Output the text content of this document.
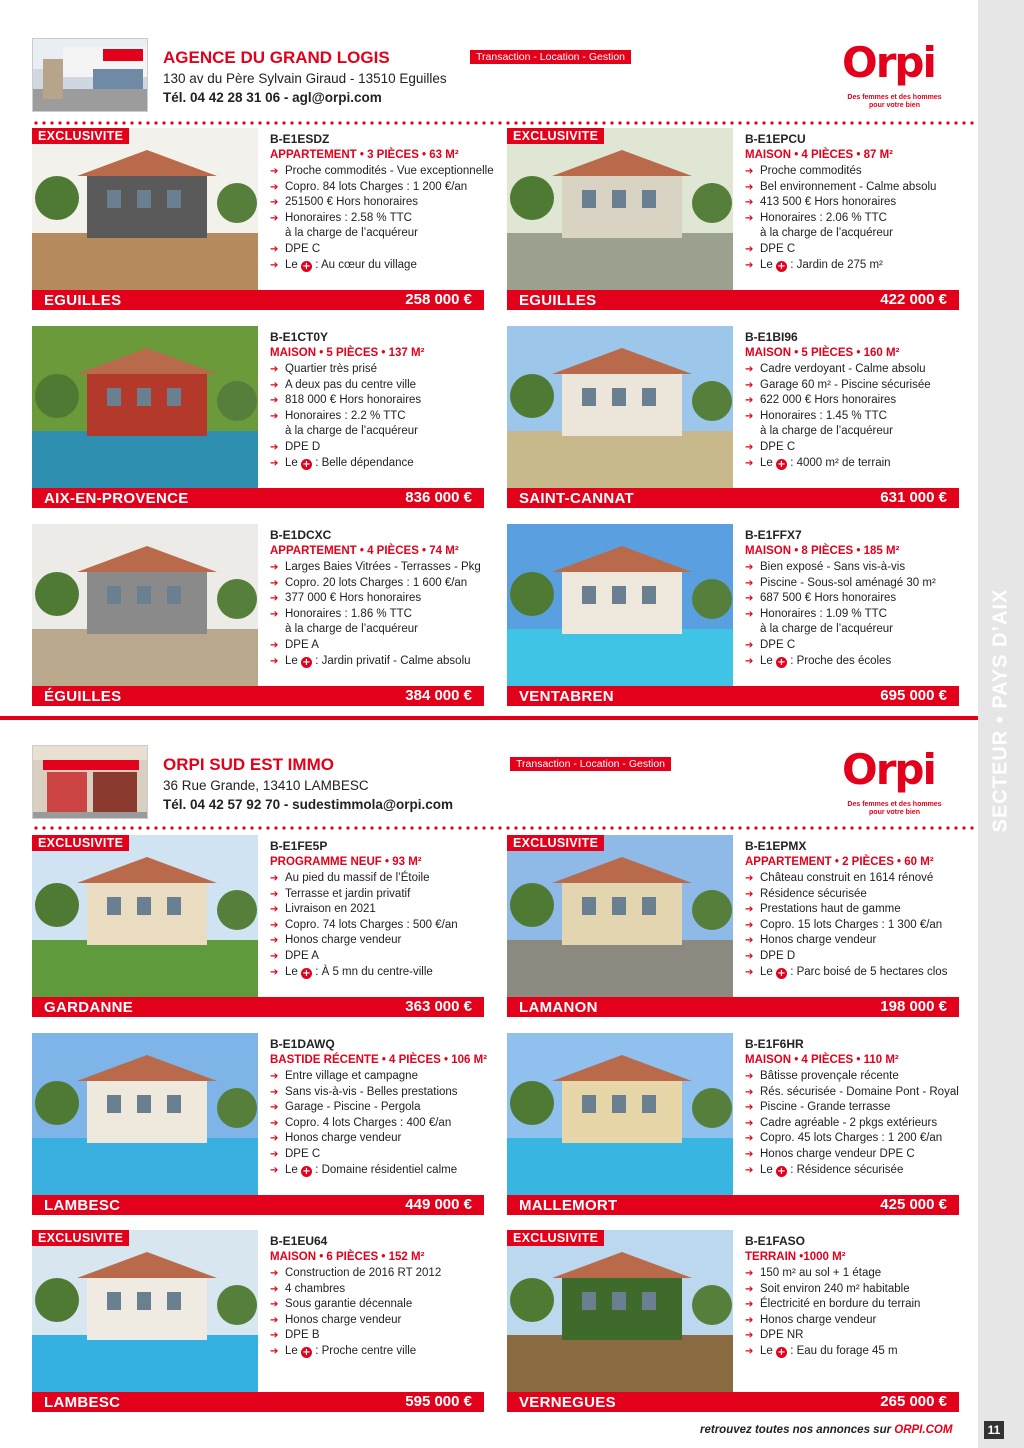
SECTEUR • PAYS D’AIX
AGENCE DU GRAND LOGIS
130 av du Père Sylvain Giraud - 13510 Eguilles
Tél. 04 42 28 31 06 - agl@orpi.com
Transaction - Location - Gestion	Orpi
Des femmes et des hommes
pour votre bien
ORPI SUD EST IMMO
36 Rue Grande, 13410 LAMBESC
Tél. 04 42 57 92 70 - sudestimmola@orpi.com
Transaction - Location - Gestion	Orpi
Des femmes et des hommes
pour votre bien
EXCLUSIVITE	B-E1ESDZ
APPARTEMENT • 3 PIÈCES • 63 M²
➔ Proche commodités - Vue exceptionnelle
➔ Copro. 84 lots Charges : 1 200 €/an
➔ 251500 € Hors honoraires
➔ Honoraires : 2.58 % TTC
à la charge de l’acquéreur
➔ DPE C
➔ Le + : Au cœur du village
EGUILLES	258 000 €
EXCLUSIVITE	B-E1EPCU
MAISON • 4 PIÈCES • 87 M²
➔ Proche commodités
➔ Bel environnement - Calme absolu
➔ 413 500 € Hors honoraires
➔ Honoraires : 2.06 % TTC
à la charge de l’acquéreur
➔ DPE C
➔ Le + : Jardin de 275 m²
EGUILLES	422 000 €
B-E1CT0Y
MAISON • 5 PIÈCES • 137 M²
➔ Quartier très prisé
➔ A deux pas du centre ville
➔ 818 000 € Hors honoraires
➔ Honoraires : 2.2 % TTC
à la charge de l’acquéreur
➔ DPE D
➔ Le + : Belle dépendance
AIX-EN-PROVENCE	836 000 €
B-E1BI96
MAISON • 5 PIÈCES • 160 M²
➔ Cadre verdoyant - Calme absolu
➔ Garage 60 m² - Piscine sécurisée
➔ 622 000 € Hors honoraires
➔ Honoraires : 1.45 % TTC
à la charge de l’acquéreur
➔ DPE C
➔ Le + : 4000 m² de terrain
SAINT-CANNAT	631 000 €
B-E1DCXC
APPARTEMENT • 4 PIÈCES • 74 M²
➔ Larges Baies Vitrées - Terrasses - Pkg
➔ Copro. 20 lots Charges : 1 600 €/an
➔ 377 000 € Hors honoraires
➔ Honoraires : 1.86 % TTC
à la charge de l’acquéreur
➔ DPE A
➔ Le + : Jardin privatif - Calme absolu
ÉGUILLES	384 000 €
B-E1FFX7
MAISON • 8 PIÈCES • 185 M²
➔ Bien exposé - Sans vis-à-vis
➔ Piscine - Sous-sol aménagé 30 m²
➔ 687 500 € Hors honoraires
➔ Honoraires : 1.09 % TTC
à la charge de l’acquéreur
➔ DPE C
➔ Le + : Proche des écoles
VENTABREN	695 000 €
EXCLUSIVITE	B-E1FE5P
PROGRAMME NEUF • 93 M²
➔ Au pied du massif de l’Étoile
➔ Terrasse et jardin privatif
➔ Livraison en 2021
➔ Copro. 74 lots Charges : 500 €/an
➔ Honos charge vendeur
➔ DPE A
➔ Le + : À 5 mn du centre-ville
GARDANNE	363 000 €
EXCLUSIVITE	B-E1EPMX
APPARTEMENT • 2 PIÈCES • 60 M²
➔ Château construit en 1614 rénové
➔ Résidence sécurisée
➔ Prestations haut de gamme
➔ Copro. 15 lots Charges : 1 300 €/an
➔ Honos charge vendeur
➔ DPE D
➔ Le + : Parc boisé de 5 hectares clos
LAMANON	198 000 €
B-E1DAWQ
BASTIDE RÉCENTE • 4 PIÈCES • 106 M²
➔ Entre village et campagne
➔ Sans vis-à-vis - Belles prestations
➔ Garage - Piscine - Pergola
➔ Copro. 4 lots Charges : 400 €/an
➔ Honos charge vendeur
➔ DPE C
➔ Le + : Domaine résidentiel calme
LAMBESC	449 000 €
B-E1F6HR
MAISON • 4 PIÈCES • 110 M²
➔ Bâtisse provençale récente
➔ Rés. sécurisée - Domaine Pont - Royal
➔ Piscine - Grande terrasse
➔ Cadre agréable - 2 pkgs extérieurs
➔ Copro. 45 lots Charges : 1 200 €/an
➔ Honos charge vendeur DPE C
➔ Le + : Résidence sécurisée
MALLEMORT	425 000 €
EXCLUSIVITE	B-E1EU64
MAISON • 6 PIÈCES • 152 M²
➔ Construction de 2016 RT 2012
➔ 4 chambres
➔ Sous garantie décennale
➔ Honos charge vendeur
➔ DPE B
➔ Le + : Proche centre ville
LAMBESC	595 000 €
EXCLUSIVITE	B-E1FASO
TERRAIN •1000 M²
➔ 150 m² au sol + 1 étage
➔ Soit environ 240 m² habitable
➔ Électricité en bordure du terrain
➔ Honos charge vendeur
➔ DPE NR
➔ Le + : Eau du forage 45 m
VERNEGUES	265 000 €
retrouvez toutes nos annonces sur ORPI.COM	11
